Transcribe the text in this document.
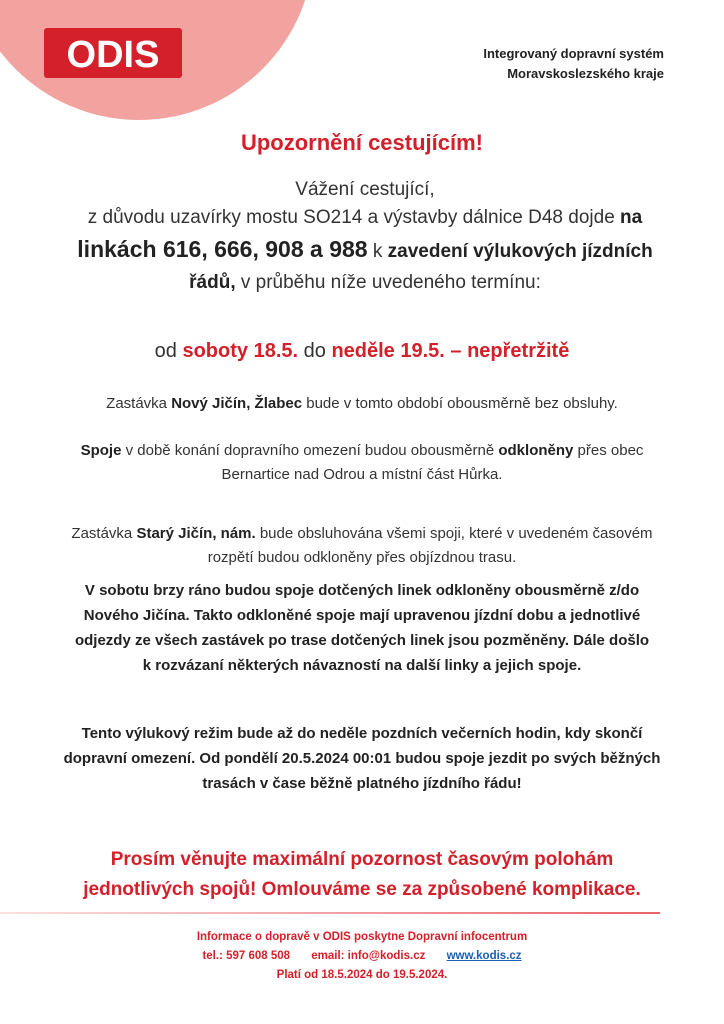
ODIS	Integrovaný dopravní systém
Moravskoslezského kraje
Upozornění cestujícím!
Vážení cestující,
z důvodu uzavírky mostu SO214 a výstavby dálnice D48 dojde na
linkách 616, 666, 908 a 988 k zavedení výlukových jízdních
řádů, v průběhu níže uvedeného termínu:
od soboty 18.5. do neděle 19.5. – nepřetržitě
Zastávka Nový Jičín, Žlabec bude v tomto období obousměrně bez obsluhy.
Spoje v době konání dopravního omezení budou obousměrně odkloněny přes obec
Bernartice nad Odrou a místní část Hůrka.
Zastávka Starý Jičín, nám. bude obsluhována všemi spoji, které v uvedeném časovém
rozpětí budou odkloněny přes objízdnou trasu.
V sobotu brzy ráno budou spoje dotčených linek odkloněny obousměrně z/do
Nového Jičína. Takto odkloněné spoje mají upravenou jízdní dobu a jednotlivé
odjezdy ze všech zastávek po trase dotčených linek jsou pozměněny. Dále došlo
k rozvázaní některých návazností na další linky a jejich spoje.
Tento výlukový režim bude až do neděle pozdních večerních hodin, kdy skončí
dopravní omezení. Od pondělí 20.5.2024 00:01 budou spoje jezdit po svých běžných
trasách v čase běžně platného jízdního řádu!
Prosím věnujte maximální pozornost časovým polohám
jednotlivých spojů! Omlouváme se za způsobené komplikace.
Informace o dopravě v ODIS poskytne Dopravní infocentrum
tel.: 597 608 508 email: info@kodis.cz www.kodis.cz
Platí od 18.5.2024 do 19.5.2024.
